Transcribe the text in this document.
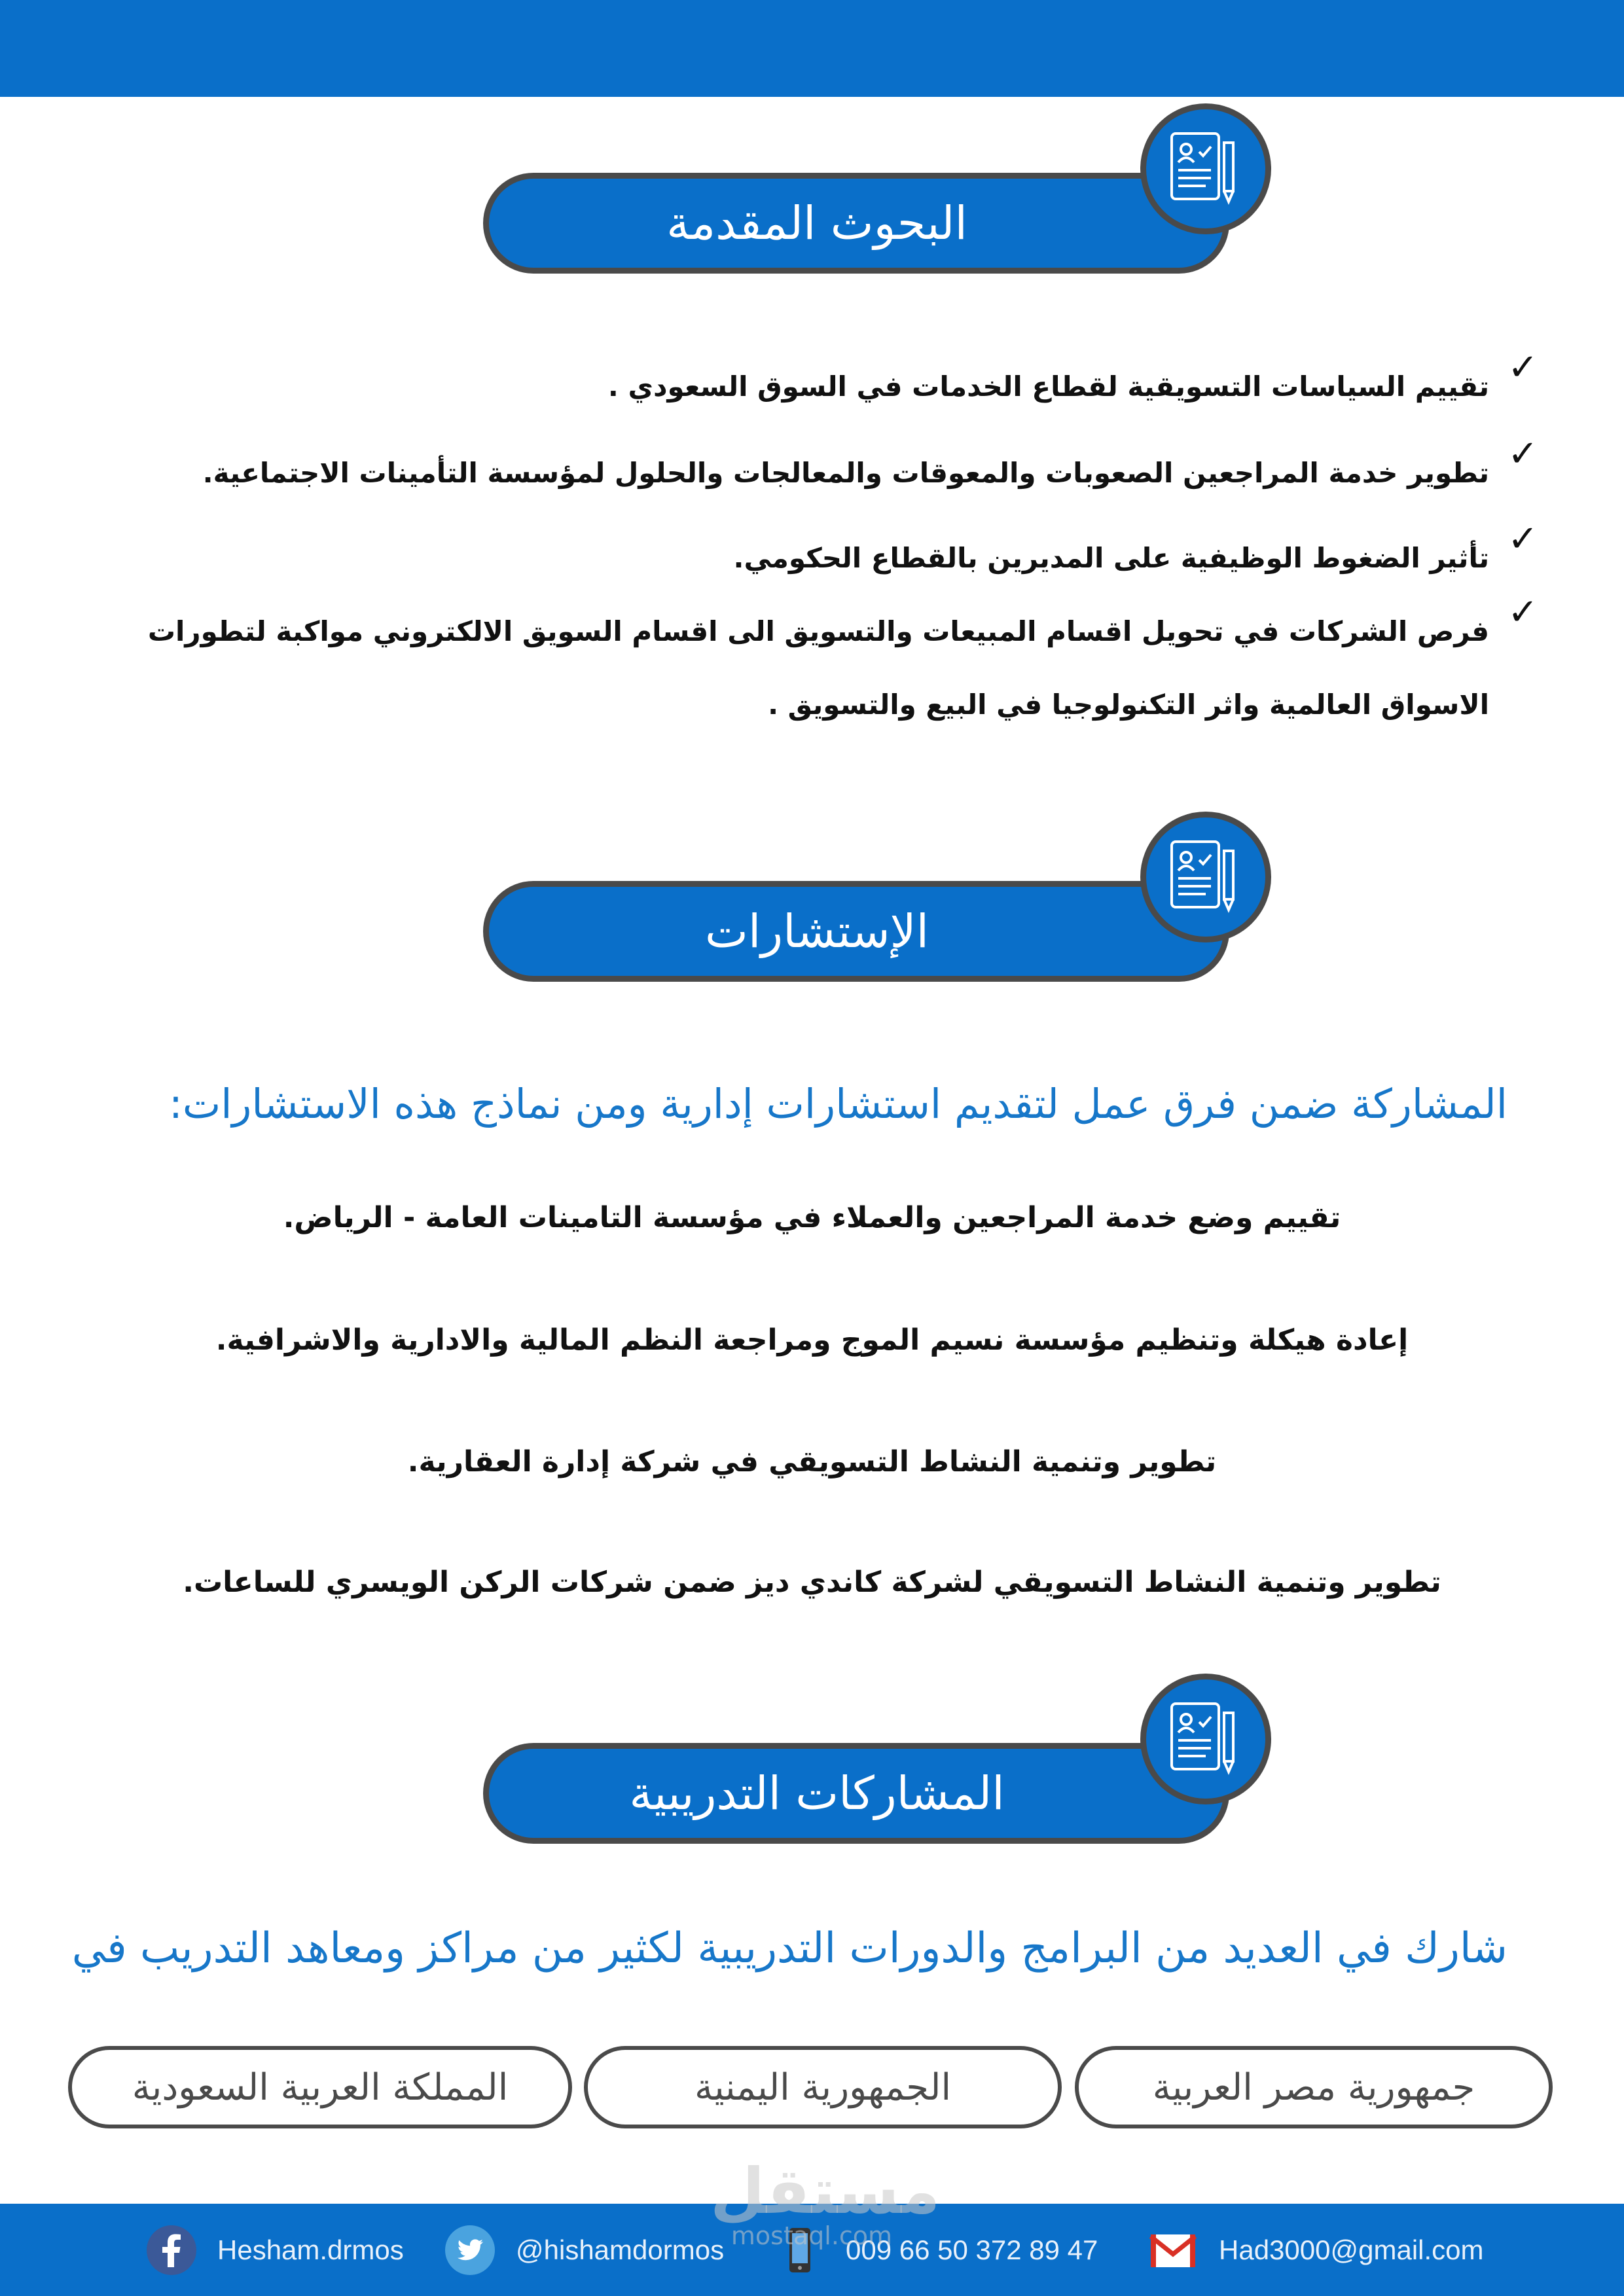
البحوث المقدمة
✓
تقييم السياسات التسويقية لقطاع الخدمات في السوق السعودي .
✓
تطوير خدمة المراجعين الصعوبات والمعوقات والمعالجات والحلول لمؤسسة التأمينات الاجتماعية.
✓
تأثير الضغوط الوظيفية على المديرين بالقطاع الحكومي.
✓
فرص الشركات في تحويل اقسام المبيعات والتسويق الى اقسام السويق الالكتروني مواكبة لتطورات
الاسواق العالمية واثر التكنولوجيا في البيع والتسويق .
الإستشارات
المشاركة ضمن فرق عمل لتقديم استشارات إدارية ومن نماذج هذه الاستشارات:
تقييم وضع خدمة المراجعين والعملاء في مؤسسة التامينات العامة - الرياض.
إعادة هيكلة وتنظيم مؤسسة نسيم الموج ومراجعة النظم المالية والادارية والاشرافية.
تطوير وتنمية النشاط التسويقي في شركة إدارة العقارية.
تطوير وتنمية النشاط التسويقي لشركة كاندي ديز ضمن شركات الركن الويسري للساعات.
المشاركات التدريبية
شارك في العديد من البرامج والدورات التدريبية لكثير من مراكز ومعاهد التدريب في
جمهورية مصر العربية
الجمهورية اليمنية
المملكة العربية السعودية
Hesham.drmos	@hishamdormos	009 66 50 372 89 47	Had3000@gmail.com
مستقل
mostaql.com
